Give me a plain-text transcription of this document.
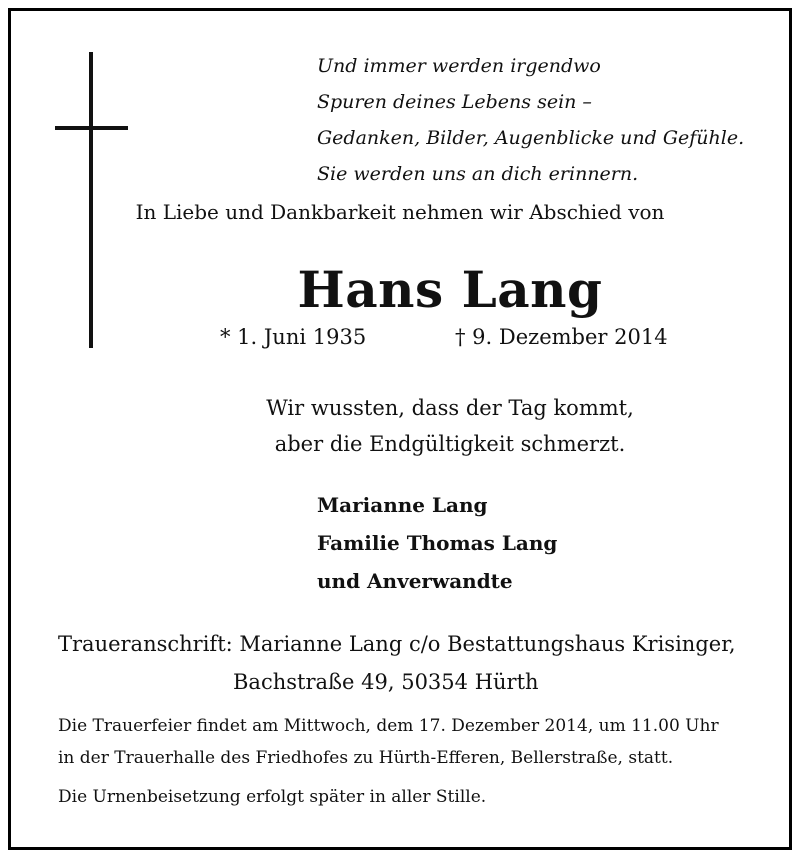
Und immer werden irgendwo
Spuren deines Lebens sein –
Gedanken, Bilder, Augenblicke und Gefühle.
Sie werden uns an dich erinnern.
In Liebe und Dankbarkeit nehmen wir Abschied von
Hans Lang
* 1. Juni 1935	† 9. Dezember 2014
Wir wussten, dass der Tag kommt,
aber die Endgültigkeit schmerzt.
Marianne Lang
Familie Thomas Lang
und Anverwandte
Traueranschrift: Marianne Lang c/o Bestattungshaus Krisinger,
Bachstraße 49, 50354 Hürth
Die Trauerfeier findet am Mittwoch, dem 17. Dezember 2014, um 11.00 Uhr
in der Trauerhalle des Friedhofes zu Hürth-Efferen, Bellerstraße, statt.
Die Urnenbeisetzung erfolgt später in aller Stille.
